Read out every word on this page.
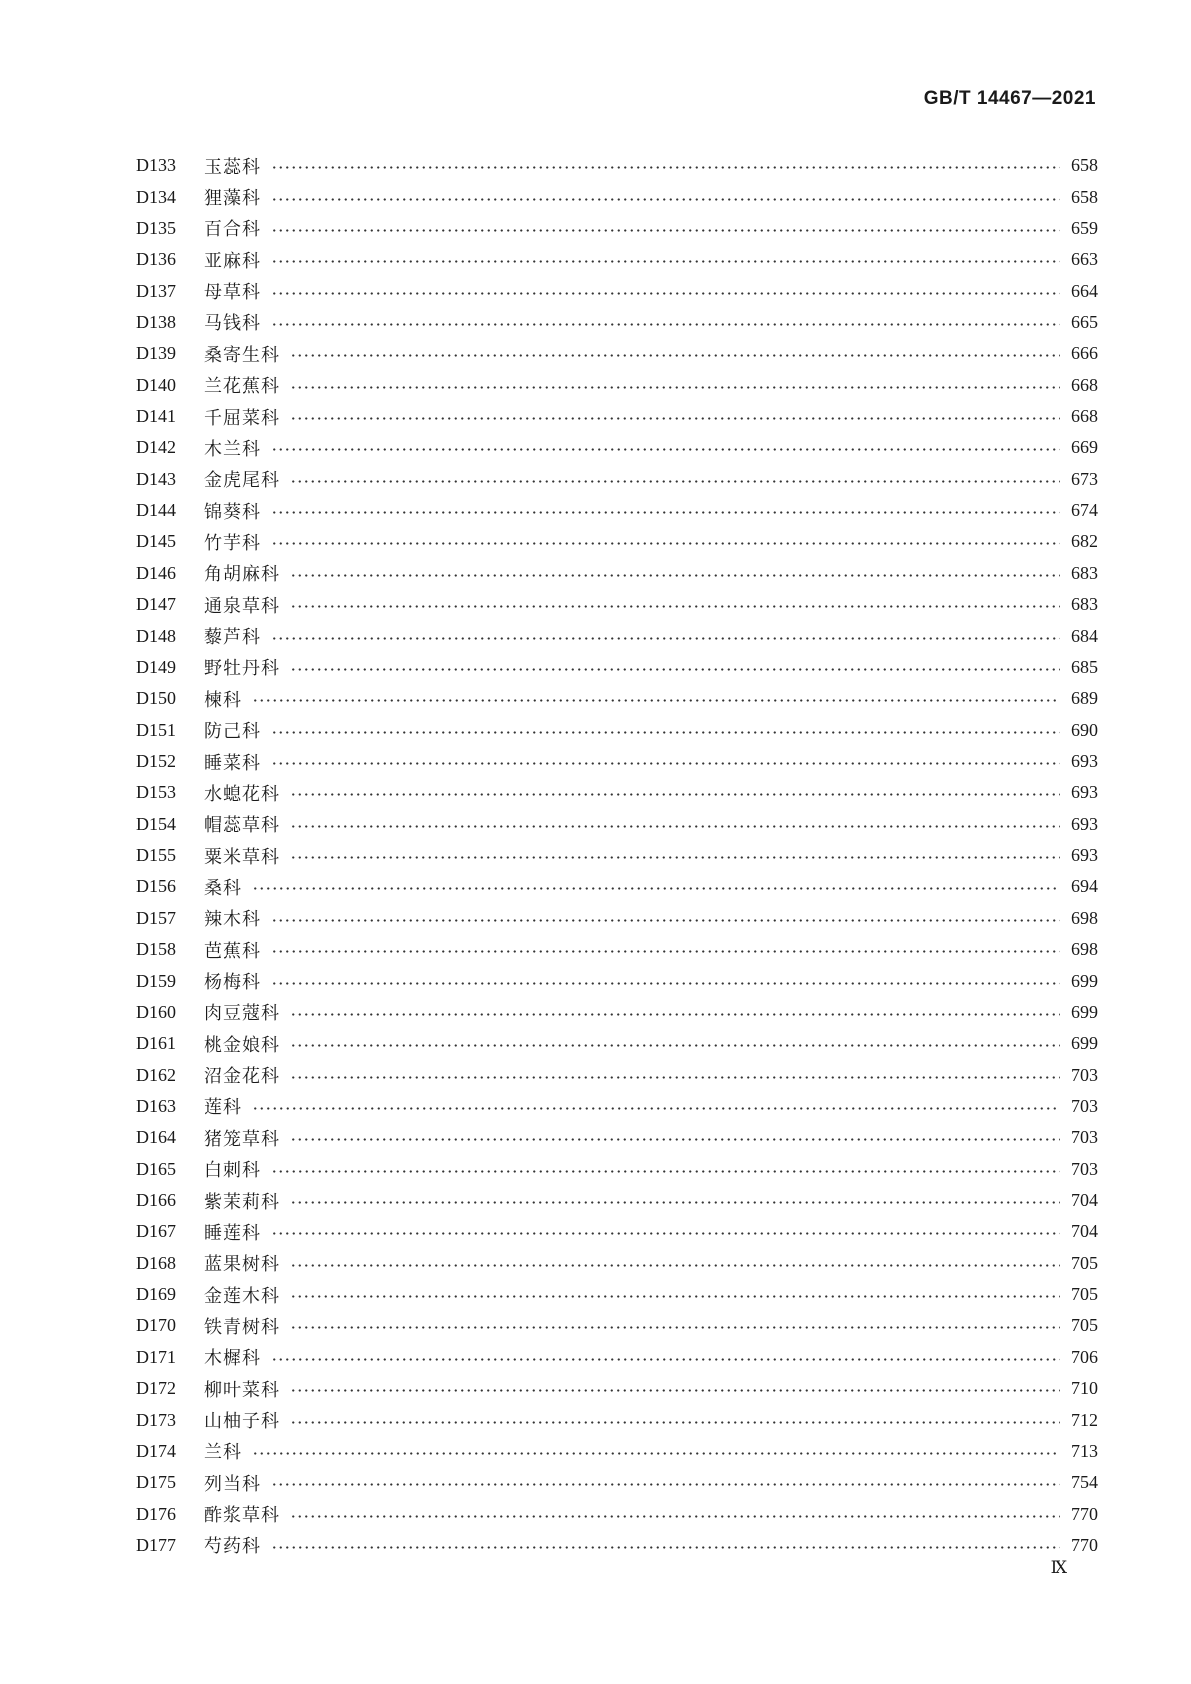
GB/T 14467—2021
D133	玉蕊科	658
D134	狸藻科	658
D135	百合科	659
D136	亚麻科	663
D137	母草科	664
D138	马钱科	665
D139	桑寄生科	666
D140	兰花蕉科	668
D141	千屈菜科	668
D142	木兰科	669
D143	金虎尾科	673
D144	锦葵科	674
D145	竹芋科	682
D146	角胡麻科	683
D147	通泉草科	683
D148	藜芦科	684
D149	野牡丹科	685
D150	楝科	689
D151	防己科	690
D152	睡菜科	693
D153	水螅花科	693
D154	帽蕊草科	693
D155	粟米草科	693
D156	桑科	694
D157	辣木科	698
D158	芭蕉科	698
D159	杨梅科	699
D160	肉豆蔻科	699
D161	桃金娘科	699
D162	沼金花科	703
D163	莲科	703
D164	猪笼草科	703
D165	白刺科	703
D166	紫茉莉科	704
D167	睡莲科	704
D168	蓝果树科	705
D169	金莲木科	705
D170	铁青树科	705
D171	木樨科	706
D172	柳叶菜科	710
D173	山柚子科	712
D174	兰科	713
D175	列当科	754
D176	酢浆草科	770
D177	芍药科	770
Ⅸ
